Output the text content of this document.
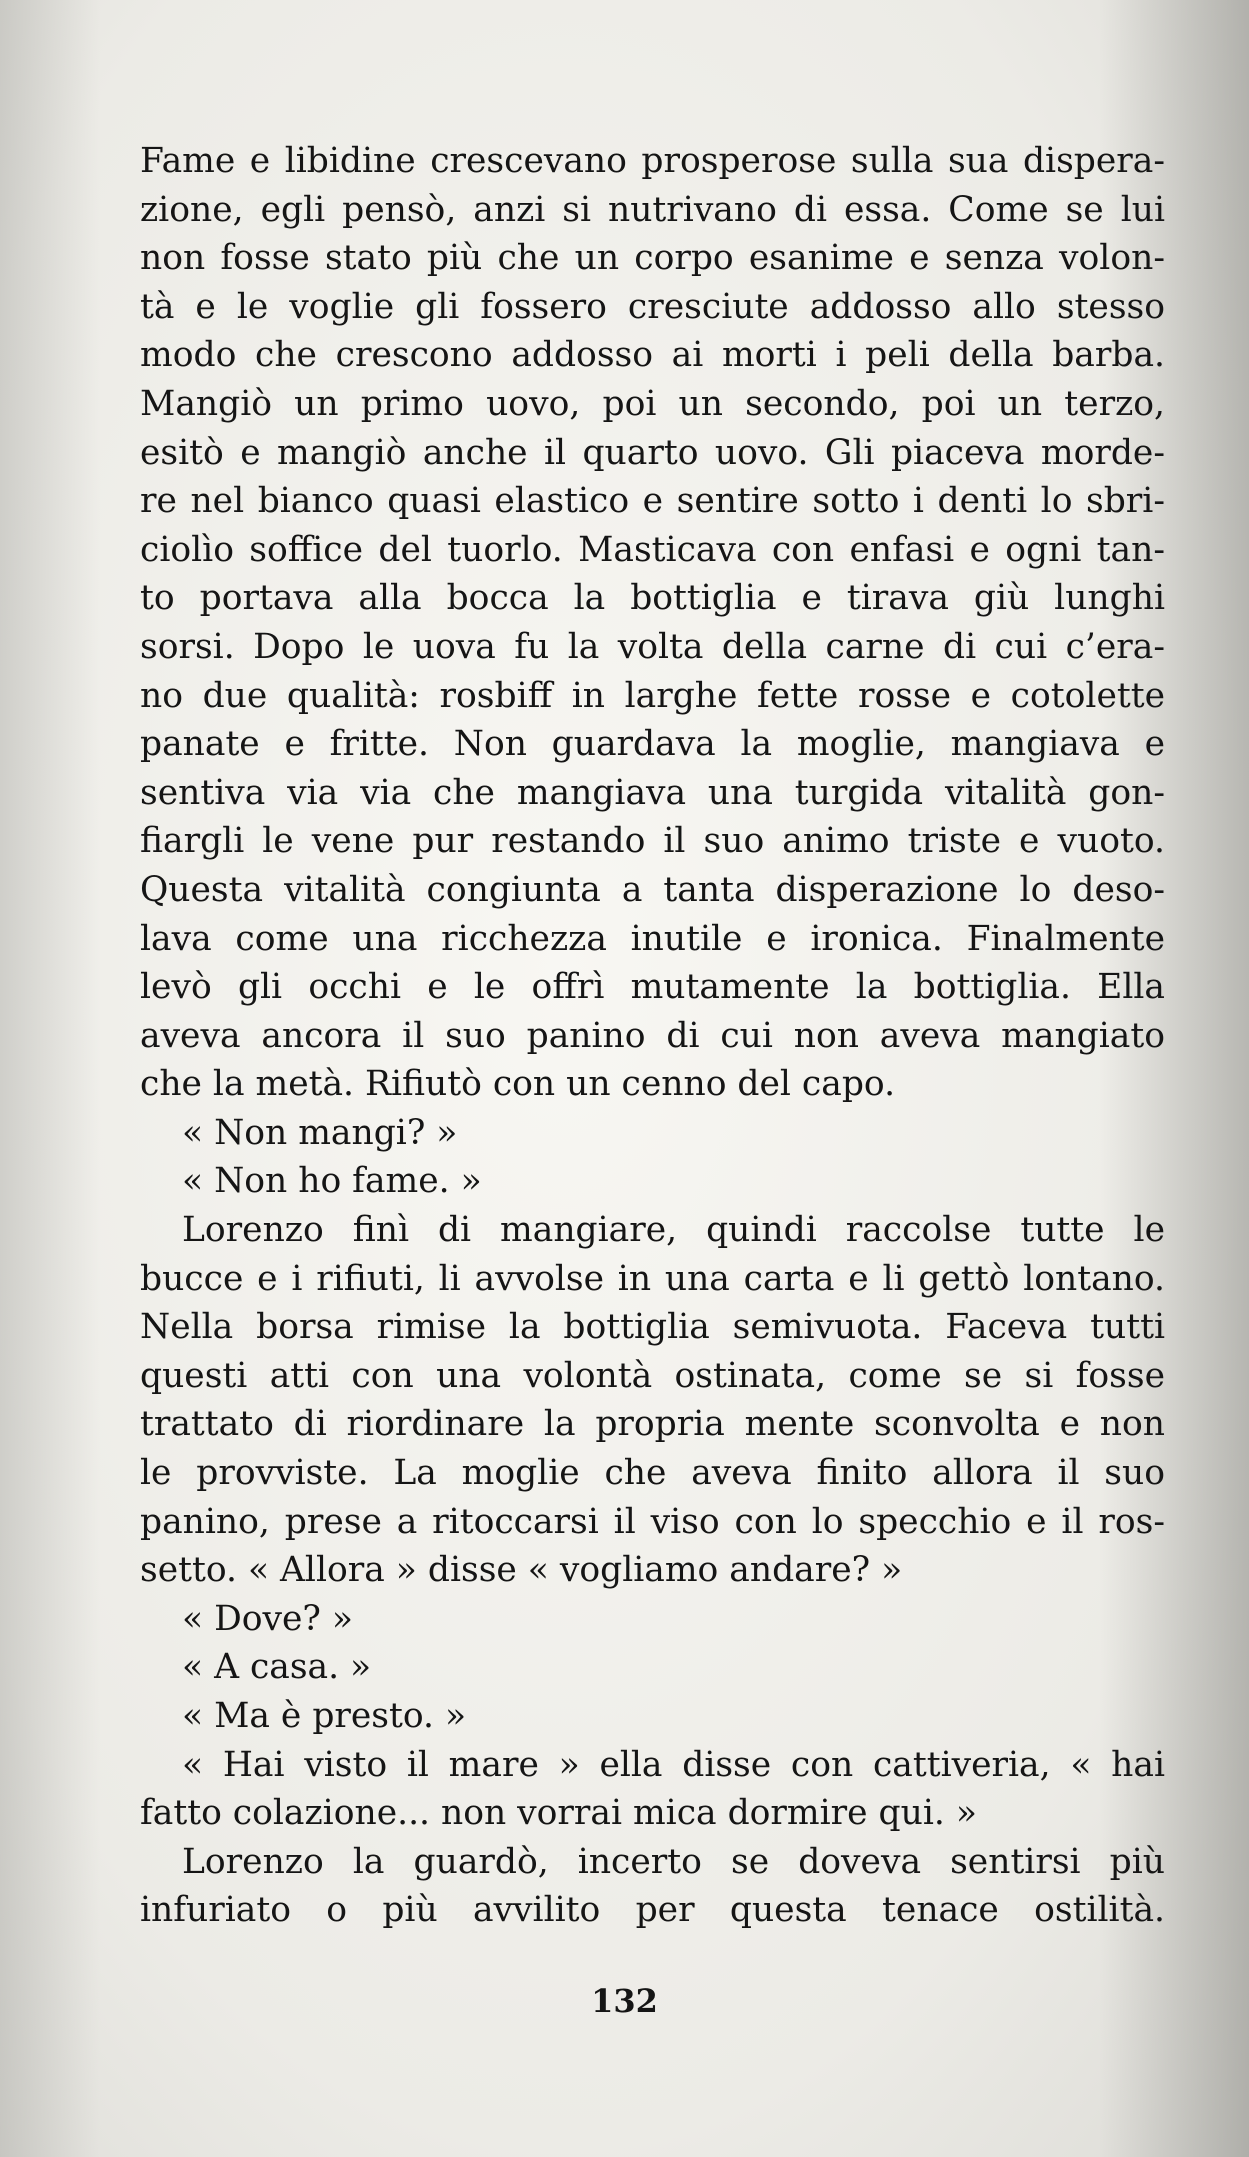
Fame e libidine crescevano prosperose sulla sua dispera-
zione, egli pensò, anzi si nutrivano di essa. Come se lui
non fosse stato più che un corpo esanime e senza volon-
tà e le voglie gli fossero cresciute addosso allo stesso
modo che crescono addosso ai morti i peli della barba.
Mangiò un primo uovo, poi un secondo, poi un terzo,
esitò e mangiò anche il quarto uovo. Gli piaceva morde-
re nel bianco quasi elastico e sentire sotto i denti lo sbri-
ciolìo soffice del tuorlo. Masticava con enfasi e ogni tan-
to portava alla bocca la bottiglia e tirava giù lunghi
sorsi. Dopo le uova fu la volta della carne di cui c’era-
no due qualità: rosbiff in larghe fette rosse e cotolette
panate e fritte. Non guardava la moglie, mangiava e
sentiva via via che mangiava una turgida vitalità gon-
fiargli le vene pur restando il suo animo triste e vuoto.
Questa vitalità congiunta a tanta disperazione lo deso-
lava come una ricchezza inutile e ironica. Finalmente
levò gli occhi e le offrì mutamente la bottiglia. Ella
aveva ancora il suo panino di cui non aveva mangiato
che la metà. Rifiutò con un cenno del capo.
« Non mangi? »
« Non ho fame. »
Lorenzo finì di mangiare, quindi raccolse tutte le
bucce e i rifiuti, li avvolse in una carta e li gettò lontano.
Nella borsa rimise la bottiglia semivuota. Faceva tutti
questi atti con una volontà ostinata, come se si fosse
trattato di riordinare la propria mente sconvolta e non
le provviste. La moglie che aveva finito allora il suo
panino, prese a ritoccarsi il viso con lo specchio e il ros-
setto. « Allora » disse « vogliamo andare? »
« Dove? »
« A casa. »
« Ma è presto. »
« Hai visto il mare » ella disse con cattiveria, « hai
fatto colazione... non vorrai mica dormire qui. »
Lorenzo la guardò, incerto se doveva sentirsi più
infuriato o più avvilito per questa tenace ostilità.
132
